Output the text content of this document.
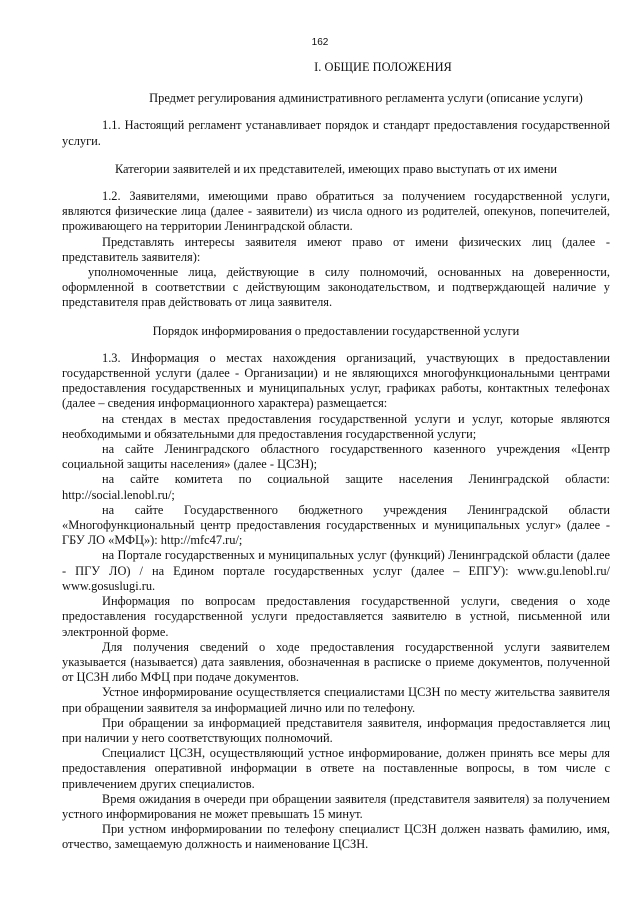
162
I. ОБЩИЕ ПОЛОЖЕНИЯ
Предмет регулирования административного регламента услуги (описание услуги)

1.1. Настоящий регламент устанавливает порядок и стандарт предоставления государственной услуги.

Категории заявителей и их представителей, имеющих право выступать от их имени

1.2. Заявителями, имеющими право обратиться за получением государственной услуги, являются физические лица (далее - заявители) из числа одного из родителей, опекунов, попечителей, проживающего на территории Ленинградской области.

Представлять интересы заявителя имеют право от имени физических лиц (далее - представитель заявителя):

уполномоченные лица, действующие в силу полномочий, основанных на доверенности, оформленной в соответствии с действующим законодательством, и подтверждающей наличие у представителя прав действовать от лица заявителя.

Порядок информирования о предоставлении государственной услуги

1.3. Информация о местах нахождения организаций, участвующих в предоставлении государственной услуги (далее - Организации) и не являющихся многофункциональными центрами предоставления государственных и муниципальных услуг, графиках работы, контактных телефонах (далее – сведения информационного характера) размещается:

на стендах в местах предоставления государственной услуги и услуг, которые являются необходимыми и обязательными для предоставления государственной услуги;

на сайте Ленинградского областного государственного казенного учреждения «Центр социальной защиты населения» (далее - ЦСЗН);

на сайте комитета по социальной защите населения Ленинградской области: http://social.lenobl.ru/;

на сайте Государственного бюджетного учреждения Ленинградской области «Многофункциональный центр предоставления государственных и муниципальных услуг» (далее - ГБУ ЛО «МФЦ»): http://mfc47.ru/;

на Портале государственных и муниципальных услуг (функций) Ленинградской области (далее - ПГУ ЛО) / на Едином портале государственных услуг (далее – ЕПГУ): www.gu.lenobl.ru/ www.gosuslugi.ru.

Информация по вопросам предоставления государственной услуги, сведения о ходе предоставления государственной услуги предоставляется заявителю в устной, письменной или электронной форме.

Для получения сведений о ходе предоставления государственной услуги заявителем указывается (называется) дата заявления, обозначенная в расписке о приеме документов, полученной от ЦСЗН либо МФЦ при подаче документов.

Устное информирование осуществляется специалистами ЦСЗН по месту жительства заявителя при обращении заявителя за информацией лично или по телефону.

При обращении за информацией представителя заявителя, информация предоставляется лиц при наличии у него соответствующих полномочий.

Специалист ЦСЗН, осуществляющий устное информирование, должен принять все меры для предоставления оперативной информации в ответе на поставленные вопросы, в том числе с привлечением других специалистов.

Время ожидания в очереди при обращении заявителя (представителя заявителя) за получением устного информирования не может превышать 15 минут.

При устном информировании по телефону специалист ЦСЗН должен назвать фамилию, имя, отчество, замещаемую должность и наименование ЦСЗН.
